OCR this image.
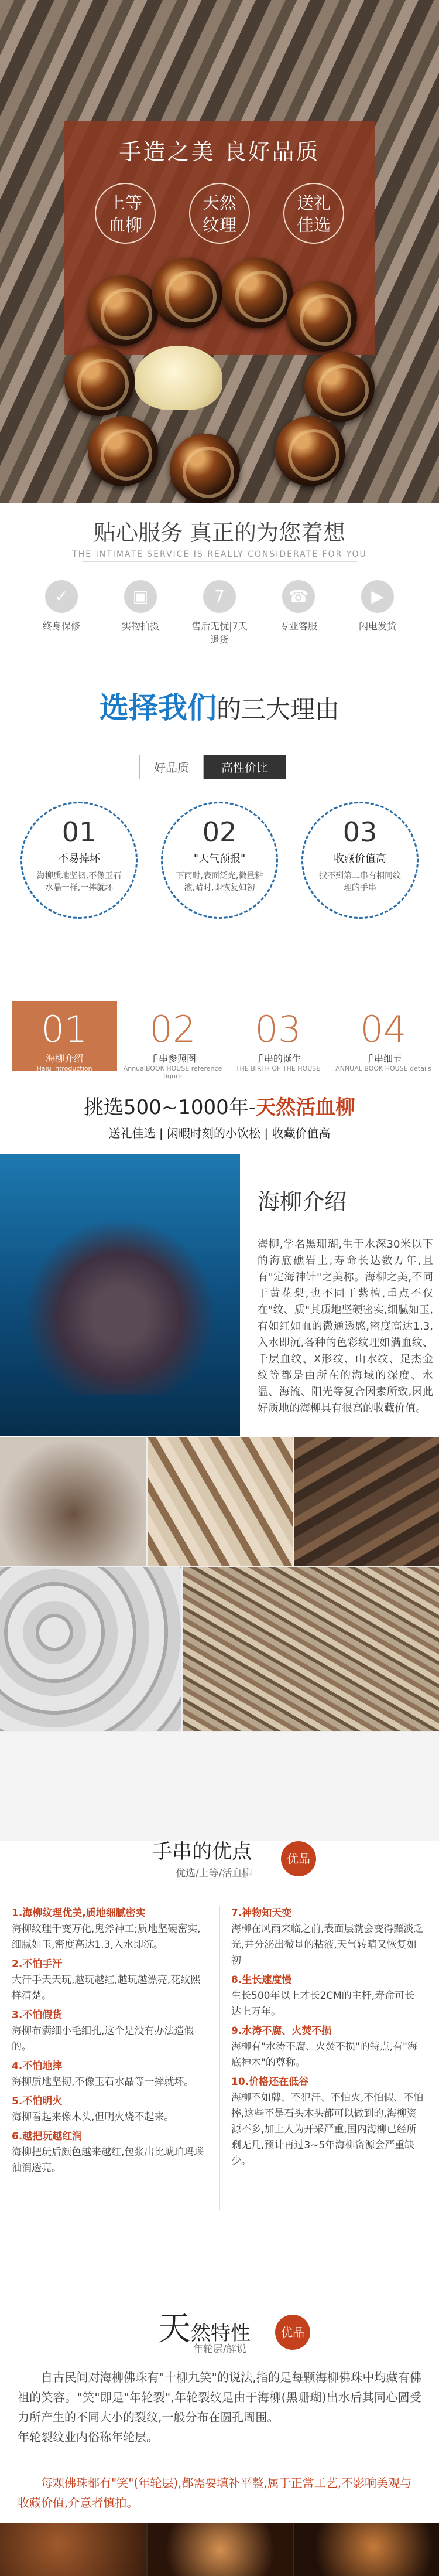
手造之美 良好品质
上等
血柳
天然
纹理
送礼
佳选
贴心服务 真正的为您着想
THE INTIMATE SERVICE IS REALLY CONSIDERATE FOR YOU
✓
终身保修
▣
实物拍摄
7
售后无忧|7天退货
☎
专业客服
▶
闪电发货
选择我们的三大理由
好品质	高性价比
01
不易掉坏
海柳质地坚韧,不像玉石水晶一样,一摔就坏
02
"天气预报"
下雨时,表面泛光,微量粘液,晴时,即恢复如初
03
收藏价值高
找不到第二串有相同纹理的手串
01
海柳介绍
Haiu introduction
02
手串参照图
AnnualBOOK HOUSE reference figure
03
手串的诞生
THE BIRTH OF THE HOUSE
04
手串细节
ANNUAL BOOK HOUSE details
挑选500~1000年-天然活血柳
送礼佳选 | 闲暇时刻的小饮松 | 收藏价值高
海柳介绍
海柳,学名黑珊瑚,生于水深30米以下的海底礁岩上,寿命长达数万年,且有"定海神针"之美称。海柳之美,不同于黄花梨,也不同于紫檀,重点不仅在"纹、质"其质地坚硬密实,细腻如玉,有如红如血的微通透感,密度高达1.3,入水即沉,各种的色彩纹理如满血纹、千层血纹、X形纹、山水纹、足杰金纹等都是由所在的海域的深度、水温、海流、阳光等复合因素所致,因此好质地的海柳具有很高的收藏价值。
手串的优点
优选/上等/活血柳
优品
1.海柳纹理优美,质地细腻密实
海柳纹理千变万化,鬼斧神工;质地坚硬密实,细腻如玉,密度高达1.3,入水即沉。
2.不怕手汗
大汗手天天玩,越玩越红,越玩越漂亮,花纹熙样清楚。
3.不怕假货
海柳布满细小毛细孔,这个是没有办法造假的。
4.不怕地摔
海柳质地坚韧,不像玉石水晶等一摔就坏。
5.不怕明火
海柳看起来像木头,但明火烧不起来。
6.越把玩越红润
海柳把玩后颜色越来越红,包浆出比琥珀玛瑙油润透亮。
7.神物知天变
海柳在风雨来临之前,表面层就会变得黯淡乏光,并分泌出微量的粘液,天气转晴又恢复如初
8.生长速度慢
生长500年以上才长2CM的主杆,寿命可长达上万年。
9.水涛不腐、火焚不损
海柳有"水涛不腐、火焚不损"的特点,有"海底神木"的尊称。
10.价格还在低谷
海柳不如牌、不犯汗、不怕火,不怕假、不怕摔,这些不是石头木头都可以做到的,海柳资源不多,加上人为开采严重,国内海柳已经所剩无几,预计再过3~5年海柳资源会严重缺少。
天然特性
年轮层/解说
优品
自古民间对海柳佛珠有"十柳九笑"的说法,指的是每颗海柳佛珠中均藏有佛祖的笑容。"笑"即是"年轮裂",年轮裂纹是由于海柳(黑珊瑚)出水后其同心圆受力所产生的不同大小的裂纹,一般分布在圆孔周围。
年轮裂纹业内俗称年轮层。
每颗佛珠都有"笑"(年轮层),都需要填补平整,属于正常工艺,不影响美观与收藏价值,介意者慎拍。
